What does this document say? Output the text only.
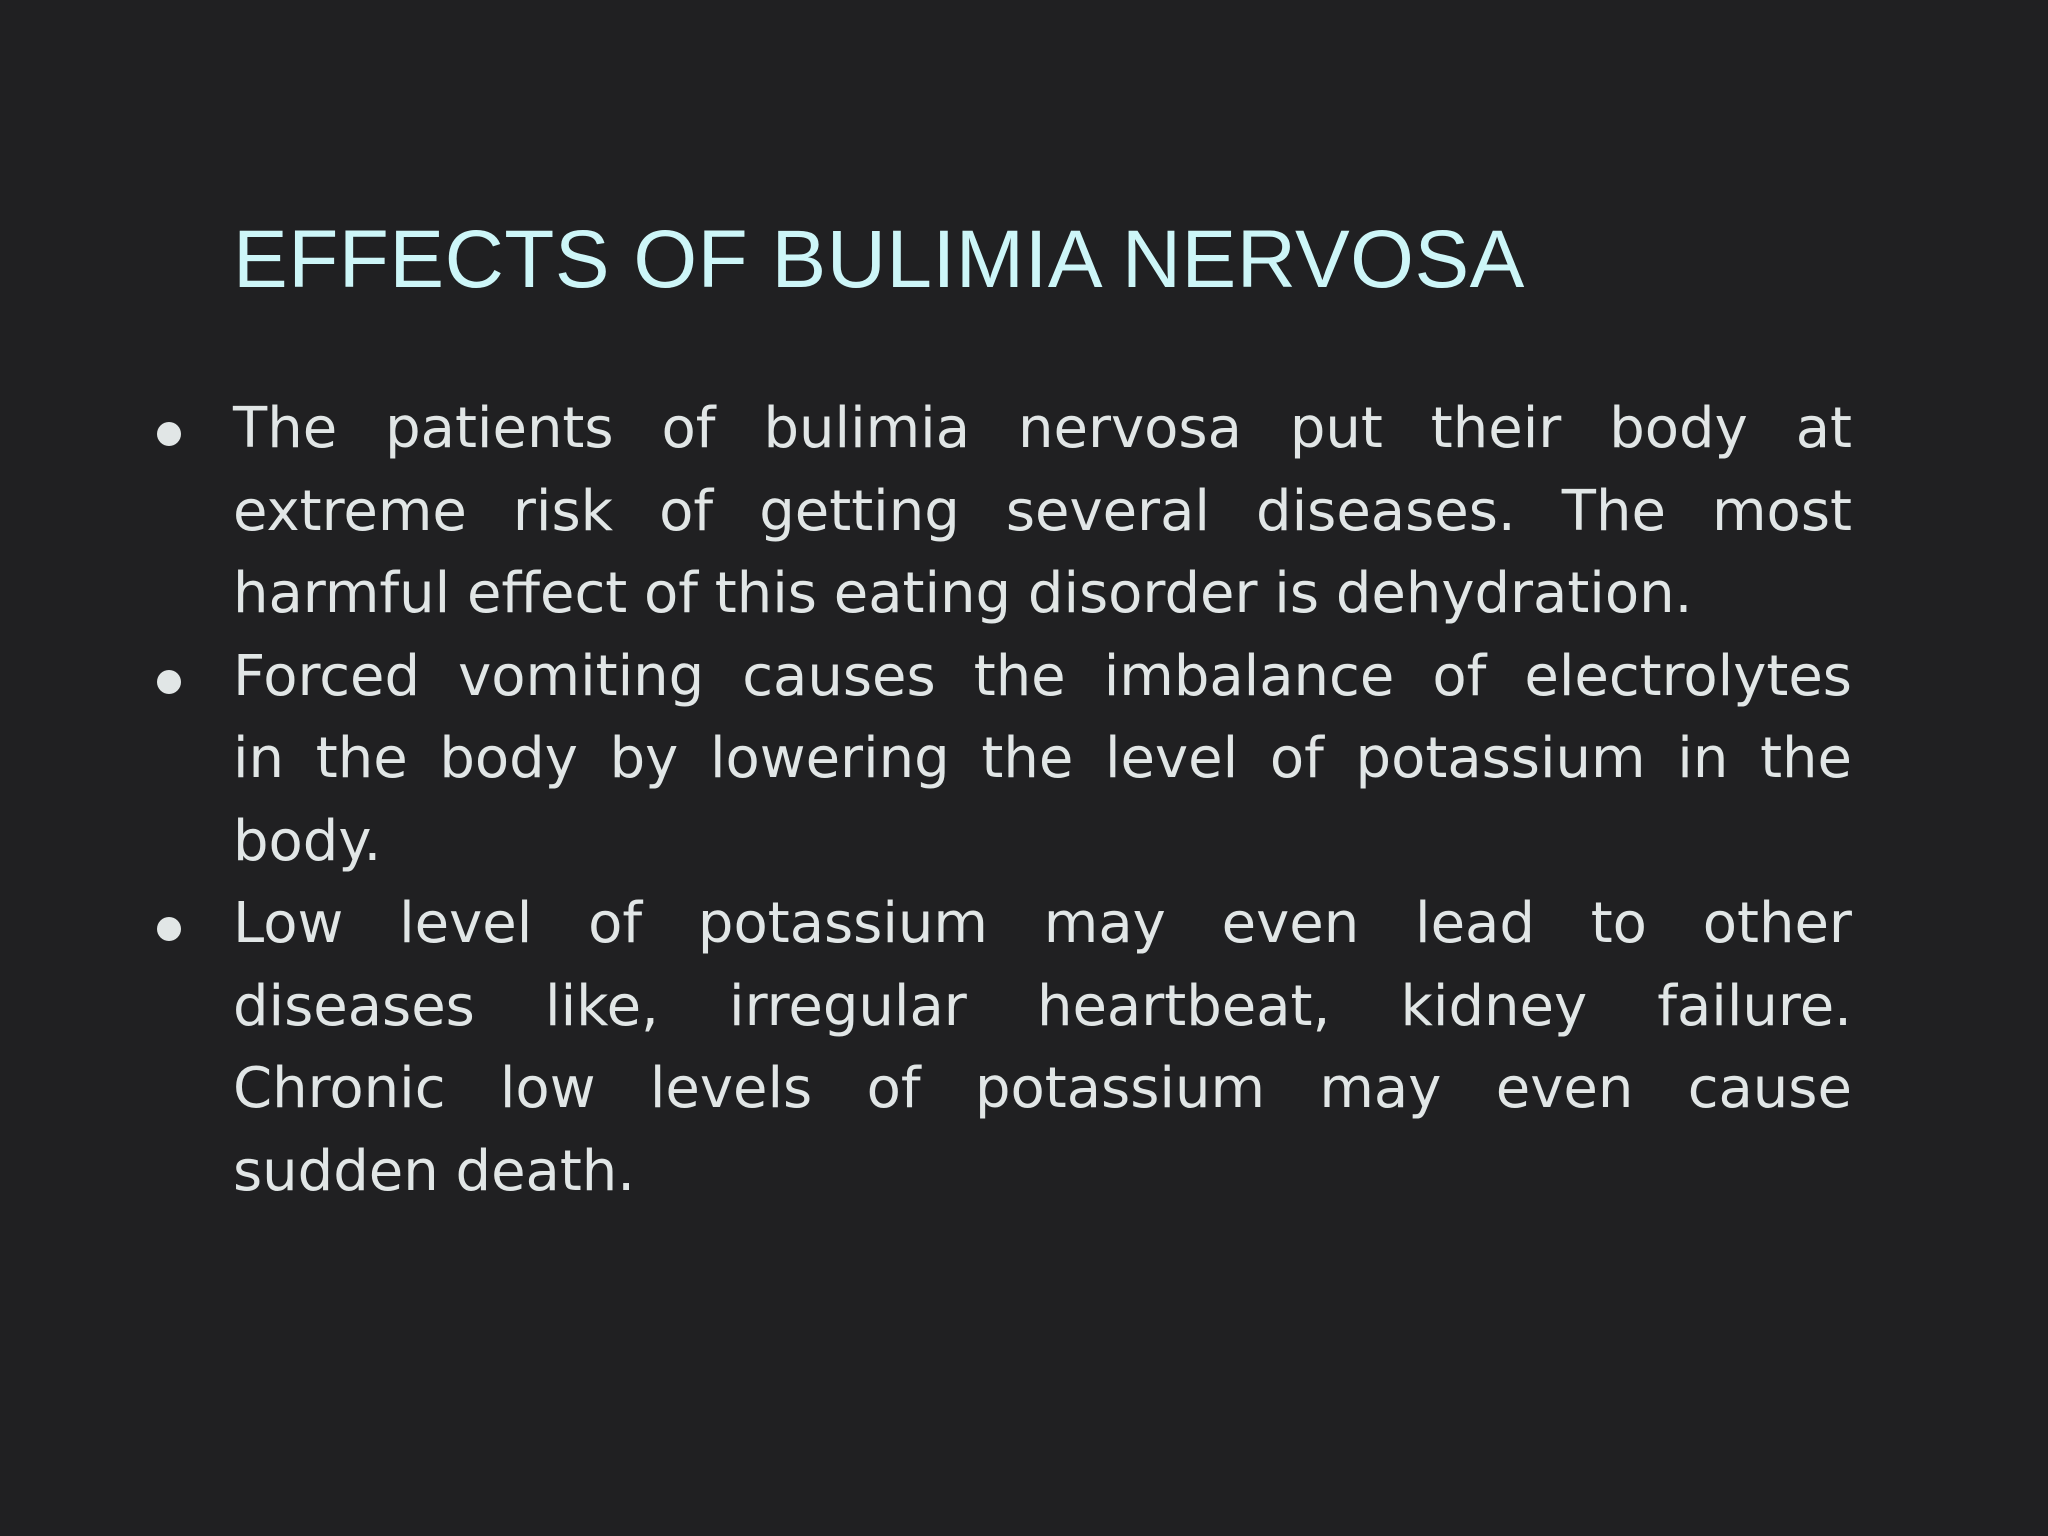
EFFECTS OF BULIMIA NERVOSA

The patients of bulimia nervosa put their body at
extreme risk of getting several diseases. The most
harmful effect of this eating disorder is dehydration.

Forced vomiting causes the imbalance of electrolytes
in the body by lowering the level of potassium in the
body.

Low level of potassium may even lead to other
diseases like, irregular heartbeat, kidney failure.
Chronic low levels of potassium may even cause
sudden death.
